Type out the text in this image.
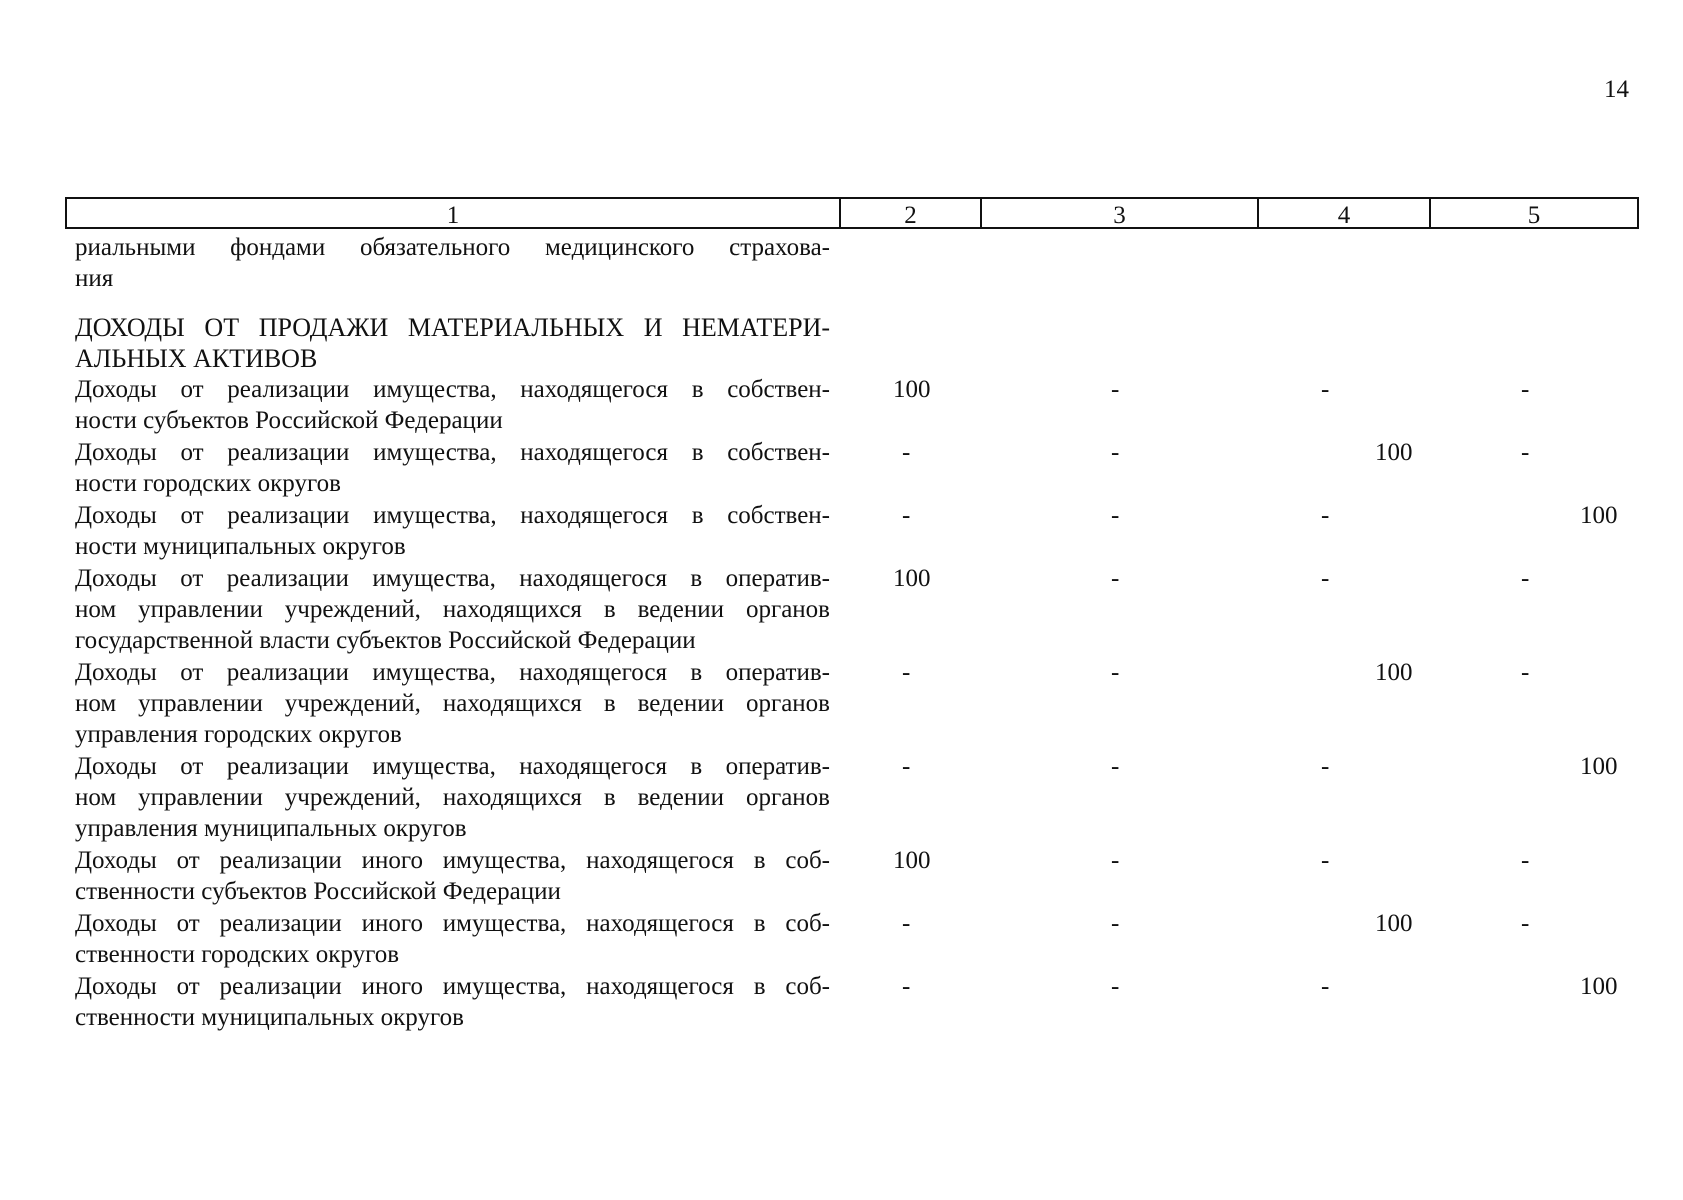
14
1	2	3	4	5
риальными фондами обязательного медицинского страхова-
ния
ДОХОДЫ ОТ ПРОДАЖИ МАТЕРИАЛЬНЫХ И НЕМАТЕРИ-
АЛЬНЫХ АКТИВОВ
Доходы от реализации имущества, находящегося в собствен-
ности субъектов Российской Федерации
100	-	-	-
Доходы от реализации имущества, находящегося в собствен-
ности городских округов
-	-	100	-
Доходы от реализации имущества, находящегося в собствен-
ности муниципальных округов
-	-	-	100
Доходы от реализации имущества, находящегося в оператив-
ном управлении учреждений, находящихся в ведении органов
государственной власти субъектов Российской Федерации
100	-	-	-
Доходы от реализации имущества, находящегося в оператив-
ном управлении учреждений, находящихся в ведении органов
управления городских округов
-	-	100	-
Доходы от реализации имущества, находящегося в оператив-
ном управлении учреждений, находящихся в ведении органов
управления муниципальных округов
-	-	-	100
Доходы от реализации иного имущества, находящегося в соб-
ственности субъектов Российской Федерации
100	-	-	-
Доходы от реализации иного имущества, находящегося в соб-
ственности городских округов
-	-	100	-
Доходы от реализации иного имущества, находящегося в соб-
ственности муниципальных округов
-	-	-	100
